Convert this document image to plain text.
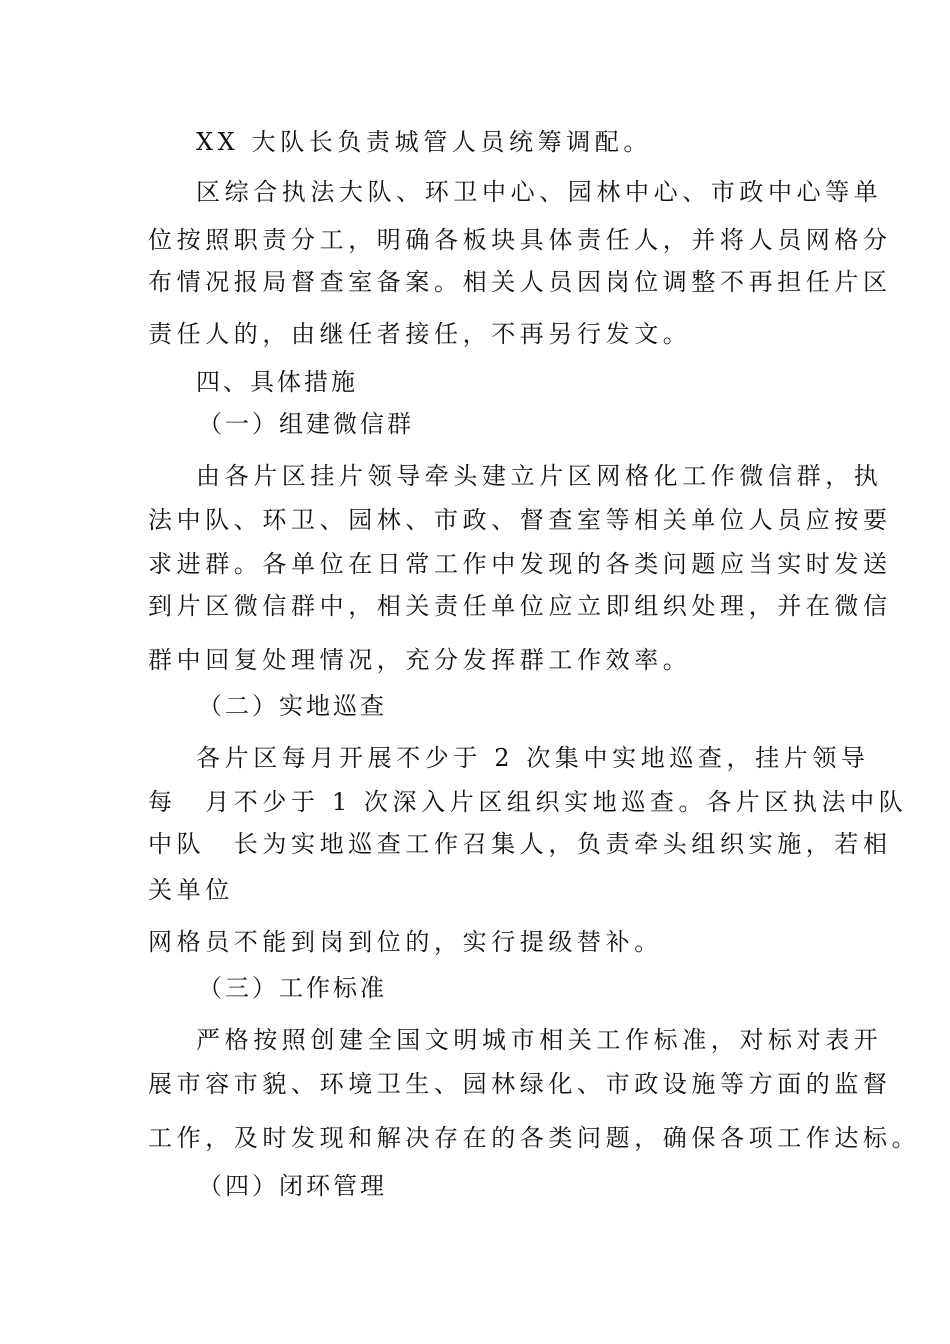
XX 大队长负责城管人员统筹调配。
区综合执法大队、环卫中心、园林中心、市政中心等单
位按照职责分工，明确各板块具体责任人，并将人员网格分
布情况报局督查室备案。相关人员因岗位调整不再担任片区
责任人的，由继任者接任，不再另行发文。
四、具体措施
（一）组建微信群
由各片区挂片领导牵头建立片区网格化工作微信群，执
法中队、环卫、园林、市政、督查室等相关单位人员应按要
求进群。各单位在日常工作中发现的各类问题应当实时发送
到片区微信群中，相关责任单位应立即组织处理，并在微信
群中回复处理情况，充分发挥群工作效率。
（二）实地巡查
各片区每月开展不少于 2 次集中实地巡查，挂片领导
每　月不少于 1 次深入片区组织实地巡查。各片区执法中队
中队　长为实地巡查工作召集人，负责牵头组织实施，若相
关单位
网格员不能到岗到位的，实行提级替补。
（三）工作标准
严格按照创建全国文明城市相关工作标准，对标对表开
展市容市貌、环境卫生、园林绿化、市政设施等方面的监督
工作，及时发现和解决存在的各类问题，确保各项工作达标。
（四）闭环管理
